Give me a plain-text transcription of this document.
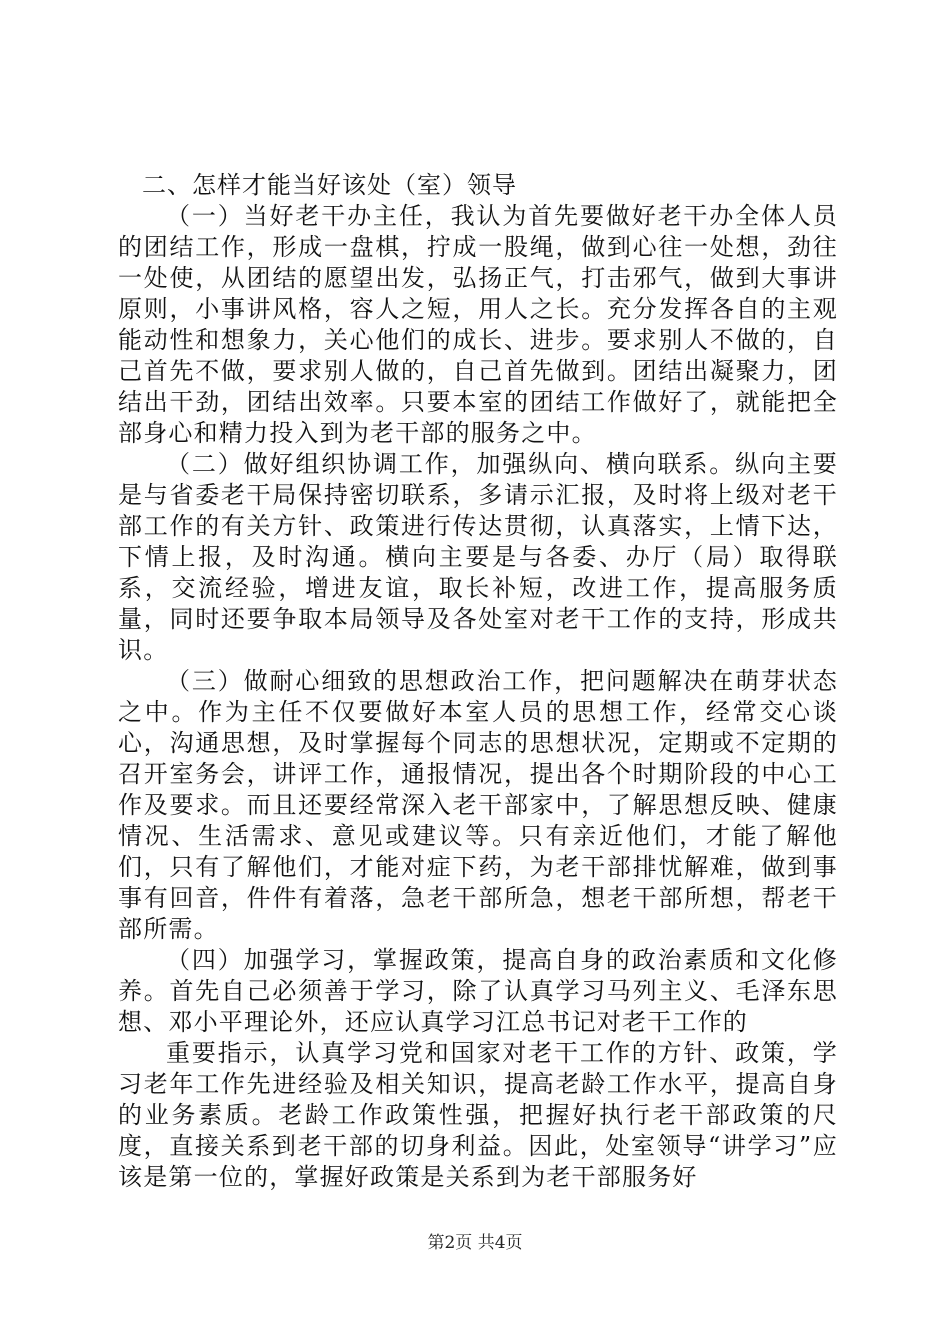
二、怎样才能当好该处（室）领导

（一）当好老干办主任，我认为首先要做好老干办全体人员的团结工作，形成一盘棋，拧成一股绳，做到心往一处想，劲往一处使，从团结的愿望出发，弘扬正气，打击邪气，做到大事讲原则，小事讲风格，容人之短，用人之长。充分发挥各自的主观能动性和想象力，关心他们的成长、进步。要求别人不做的，自己首先不做，要求别人做的，自己首先做到。团结出凝聚力，团结出干劲，团结出效率。只要本室的团结工作做好了，就能把全部身心和精力投入到为老干部的服务之中。

（二）做好组织协调工作，加强纵向、横向联系。纵向主要是与省委老干局保持密切联系，多请示汇报，及时将上级对老干部工作的有关方针、政策进行传达贯彻，认真落实，上情下达，下情上报，及时沟通。横向主要是与各委、办厅（局）取得联系，交流经验，增进友谊，取长补短，改进工作，提高服务质量，同时还要争取本局领导及各处室对老干工作的支持，形成共识。

（三）做耐心细致的思想政治工作，把问题解决在萌芽状态之中。作为主任不仅要做好本室人员的思想工作，经常交心谈心，沟通思想，及时掌握每个同志的思想状况，定期或不定期的召开室务会，讲评工作，通报情况，提出各个时期阶段的中心工作及要求。而且还要经常深入老干部家中，了解思想反映、健康情况、生活需求、意见或建议等。只有亲近他们，才能了解他们，只有了解他们，才能对症下药，为老干部排忧解难，做到事事有回音，件件有着落，急老干部所急，想老干部所想，帮老干部所需。

（四）加强学习，掌握政策，提高自身的政治素质和文化修养。首先自己必须善于学习，除了认真学习马列主义、毛泽东思想、邓小平理论外，还应认真学习江总书记对老干工作的

重要指示，认真学习党和国家对老干工作的方针、政策，学习老年工作先进经验及相关知识，提高老龄工作水平，提高自身的业务素质。老龄工作政策性强，把握好执行老干部政策的尺度，直接关系到老干部的切身利益。因此，处室领导“讲学习”应该是第一位的，掌握好政策是关系到为老干部服务好

第2页 共4页
